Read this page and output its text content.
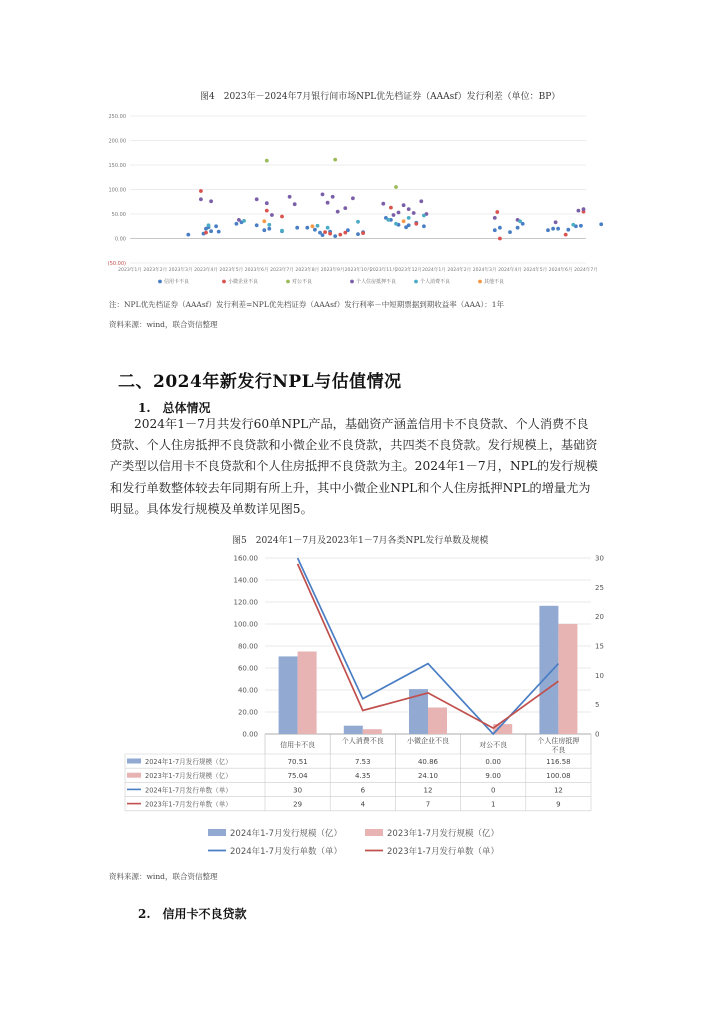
图4　2023年－2024年7月银行间市场NPL优先档证券（AAAsf）发行利差（单位：BP）
250.00
200.00
150.00
100.00
50.00
0.00
(50.00)
2023年1月 2023年2月 2023年3月 2023年4月 2023年5月 2023年6月 2023年7月 2023年8月 2023年9月 2023年10月
2023年11月
2023年12月 2024年1月 2024年2月 2024年3月 2024年4月 2024年5月 2024年6月 2024年7月
信用卡不良	小微企业不良	对公不良	个人住房抵押不良	个人消费不良	其他不良
注：NPL优先档证券（AAAsf）发行利差=NPL优先档证券（AAAsf）发行利率－中短期票据到期收益率（AAA）：1年
资料来源：wind，联合资信整理
二、2024年新发行NPL与估值情况
1.　总体情况
2024年1－7月共发行60单NPL产品，基础资产涵盖信用卡不良贷款、个人消费不良
贷款、个人住房抵押不良贷款和小微企业不良贷款，共四类不良贷款。发行规模上，基础资
产类型以信用卡不良贷款和个人住房抵押不良贷款为主。2024年1－7月，NPL的发行规模
和发行单数整体较去年同期有所上升，其中小微企业NPL和个人住房抵押NPL的增量尤为
明显。具体发行规模及单数详见图5。
图5　2024年1－7月及2023年1－7月各类NPL发行单数及规模
160.00
140.00
120.00
100.00
80.00
60.00
40.00
20.00
0.00
30
25
20
15
10
5
0
信用卡不良	个人消费不良	小微企业不良	对公不良	个人住房抵押
不良
2024年1-7月发行规模（亿）	70.51	7.53	40.86	0.00	116.58
2023年1-7月发行规模（亿）	75.04	4.35	24.10	9.00	100.08
2024年1-7月发行单数（单）	30	6	12	0	12
2023年1-7月发行单数（单）	29	4	7	1	9
2024年1-7月发行规模（亿）	2023年1-7月发行规模（亿）
2024年1-7月发行单数（单）	2023年1-7月发行单数（单）
资料来源：wind，联合资信整理
2.　信用卡不良贷款
